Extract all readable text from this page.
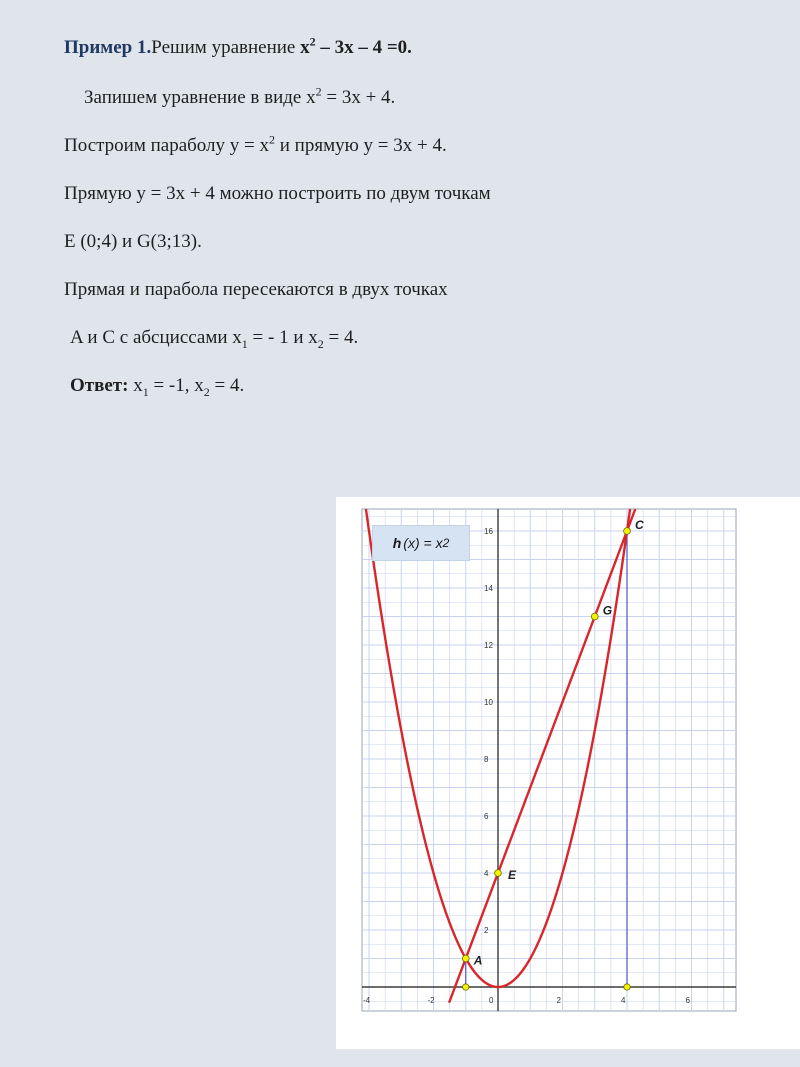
Пример 1.Решим уравнение $x^2 - 3x - 4 =0$.
Запишем уравнение в виде $x^2 = 3x + 4$.
Построим параболу $у = x^2$ и прямую у = 3x + 4.
Прямую у = 3x + 4 можно построить по двум точкам
E (0;4) и G(3;13).
Прямая и парабола пересекаются в двух точках
A и C с абсциссами $x_1$ = - 1 и $x_2 = 4$.
Ответ: $x_1 = -1$, $x_2 = 4$.
-4	-2	0	2	4	6
2
4
6
8
10
12
14
16
A
C
E
G
h (x) = x 2
